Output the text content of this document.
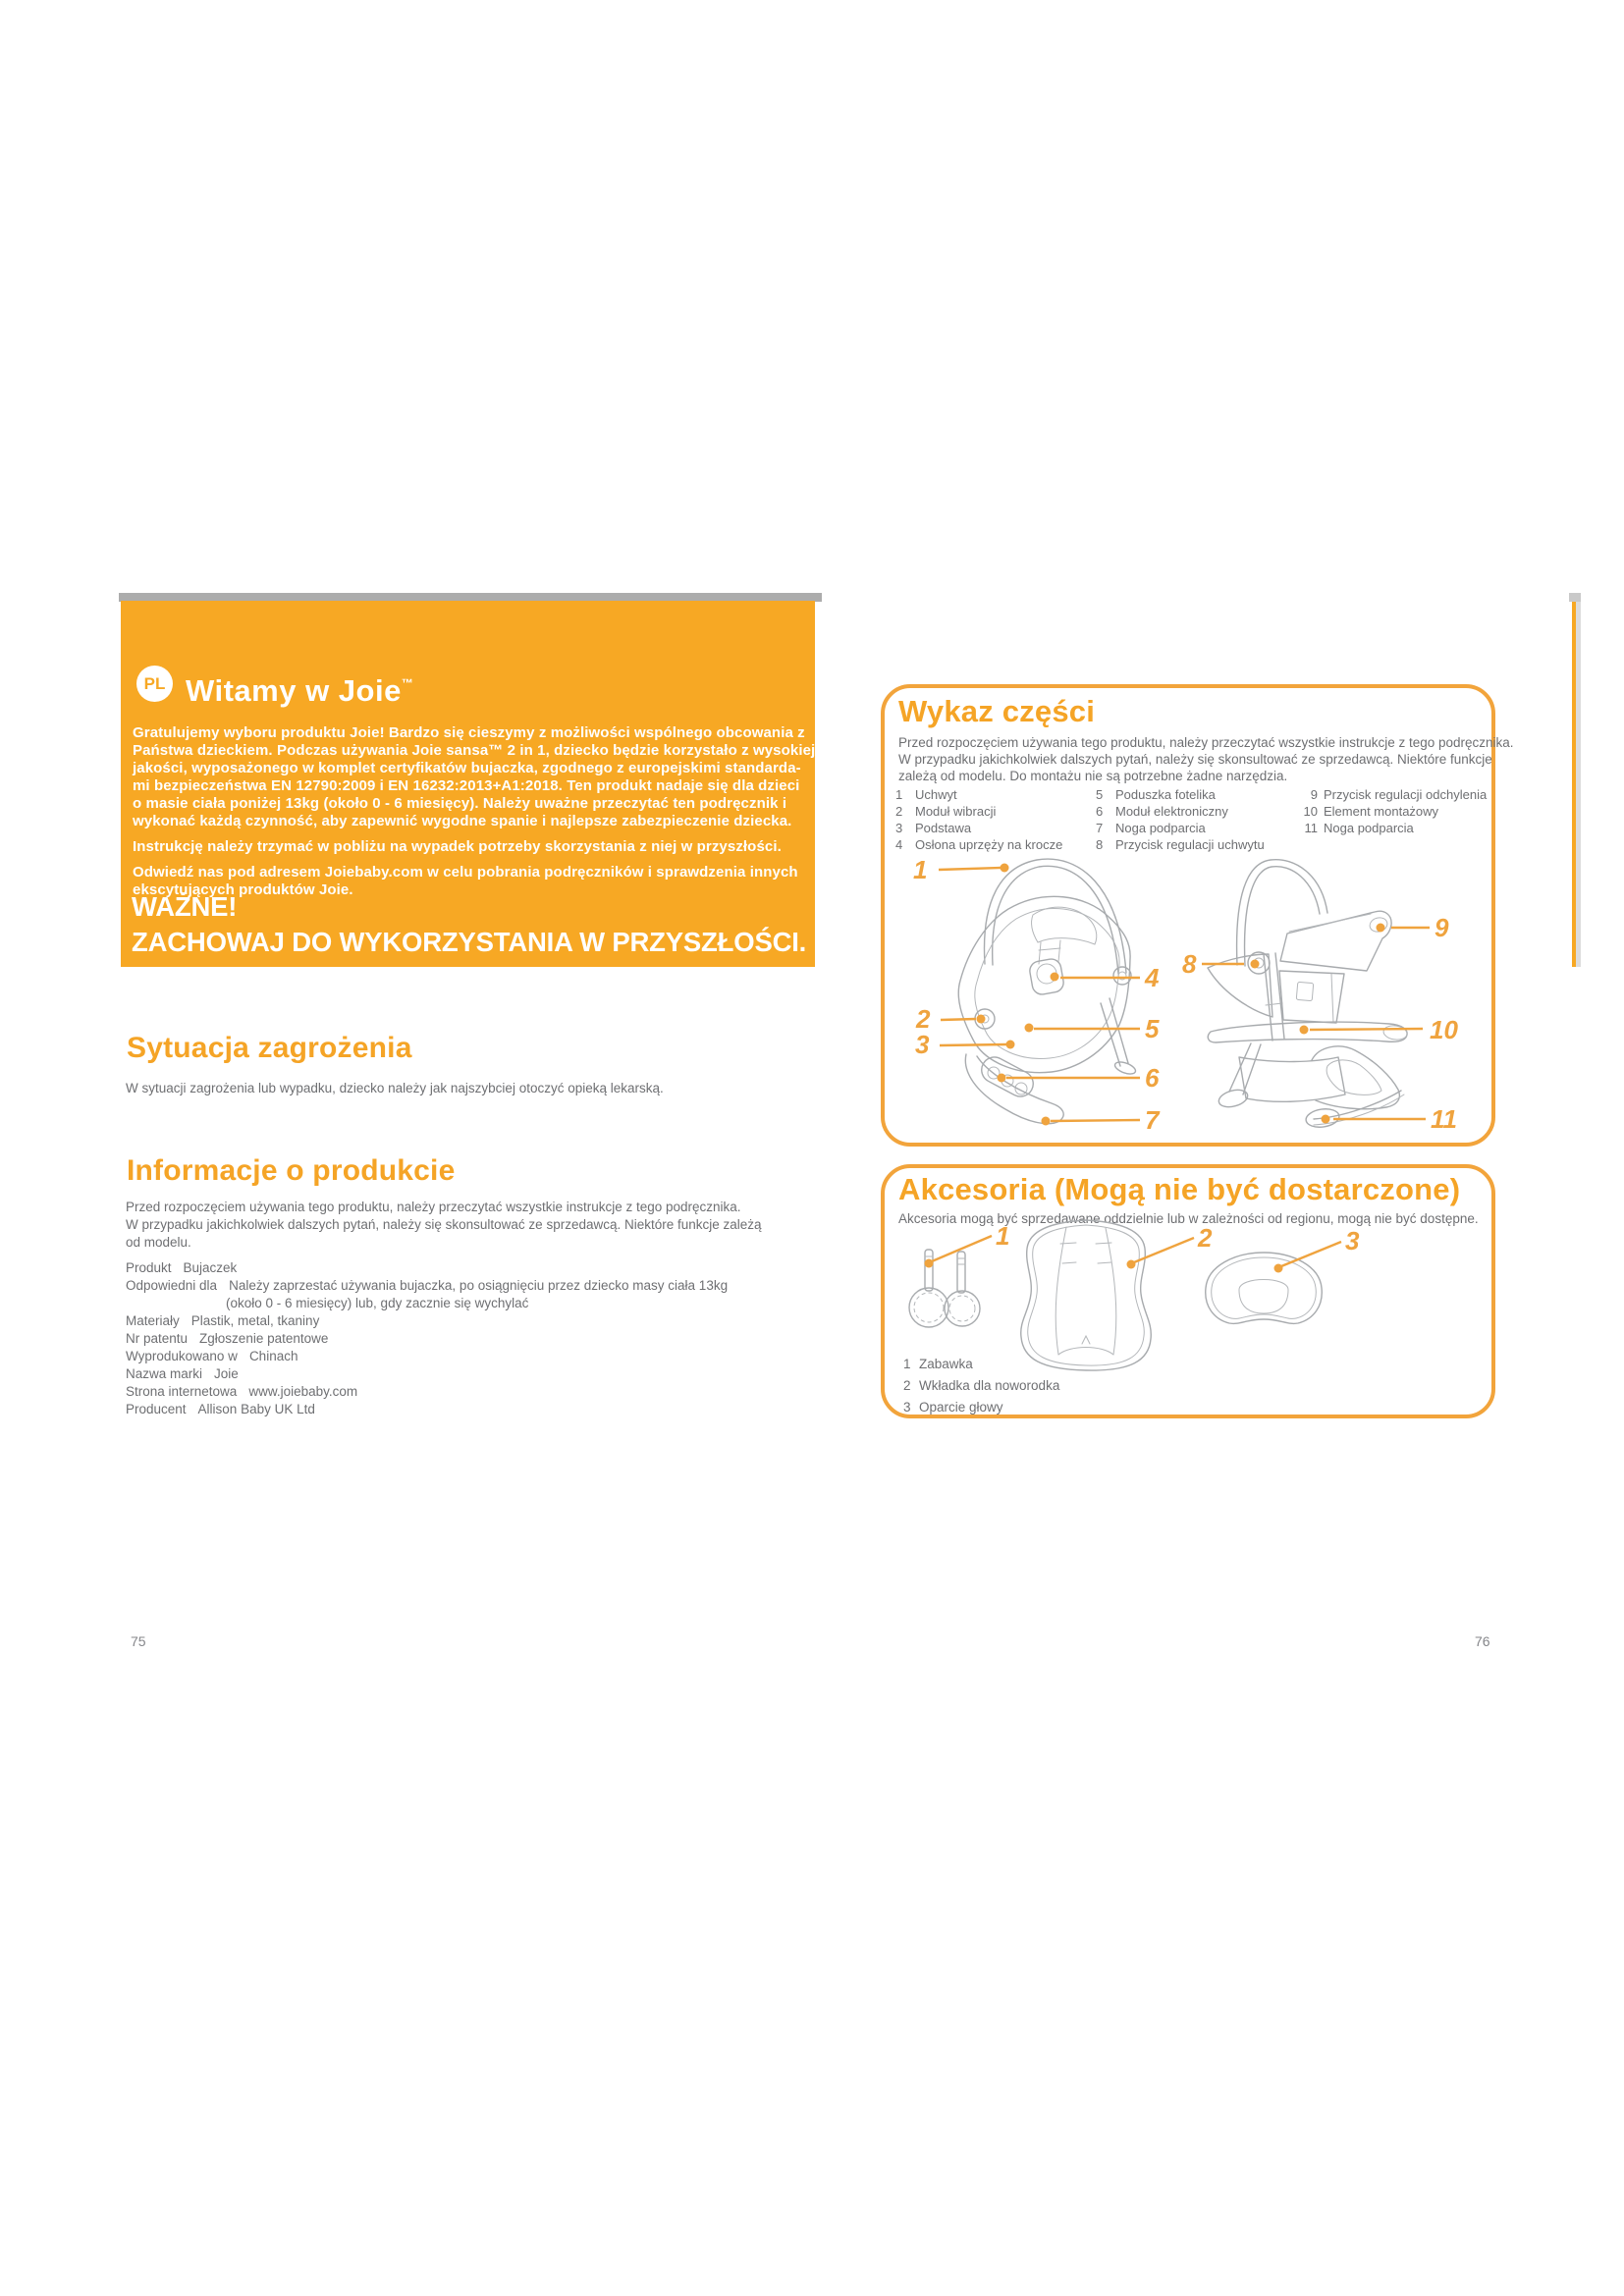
PL Witamy w Joie™
Gratulujemy wyboru produktu Joie! Bardzo się cieszymy z możliwości wspólnego obcowania z
Państwa dzieckiem. Podczas używania Joie sansa™ 2 in 1, dziecko będzie korzystało z wysokiej
jakości, wyposażonego w komplet certyfikatów bujaczka, zgodnego z europejskimi standarda-
mi bezpieczeństwa EN 12790:2009 i EN 16232:2013+A1:2018. Ten produkt nadaje się dla dzieci
o masie ciała poniżej 13kg (około 0 - 6 miesięcy). Należy uważne przeczytać ten podręcznik i
wykonać każdą czynność, aby zapewnić wygodne spanie i najlepsze zabezpieczenie dziecka.
Instrukcję należy trzymać w pobliżu na wypadek potrzeby skorzystania z niej w przyszłości.
Odwiedź nas pod adresem Joiebaby.com w celu pobrania podręczników i sprawdzenia innych
ekscytujących produktów Joie.
WAŻNE!
ZACHOWAJ DO WYKORZYSTANIA W PRZYSZŁOŚCI.
Sytuacja zagrożenia
W sytuacji zagrożenia lub wypadku, dziecko należy jak najszybciej otoczyć opieką lekarską.
Informacje o produkcie
Przed rozpoczęciem używania tego produktu, należy przeczytać wszystkie instrukcje z tego podręcznika.
W przypadku jakichkolwiek dalszych pytań, należy się skonsultować ze sprzedawcą. Niektóre funkcje zależą
od modelu.
Produkt Bujaczek
Odpowiedni dla Należy zaprzestać używania bujaczka, po osiągnięciu przez dziecko masy ciała 13kg
(około 0 - 6 miesięcy) lub, gdy zacznie się wychylać
Materiały Plastik, metal, tkaniny
Nr patentu Zgłoszenie patentowe
Wyprodukowano w Chinach
Nazwa marki Joie
Strona internetowa www.joiebaby.com
Producent Allison Baby UK Ltd
75
Wykaz części
Przed rozpoczęciem używania tego produktu, należy przeczytać wszystkie instrukcje z tego podręcznika.
W przypadku jakichkolwiek dalszych pytań, należy się skonsultować ze sprzedawcą. Niektóre funkcje
zależą od modelu. Do montażu nie są potrzebne żadne narzędzia.
1 Uchwyt
2 Moduł wibracji
3 Podstawa
4 Osłona uprzęży na krocze
5 Poduszka fotelika
6 Moduł elektroniczny
7 Noga podparcia
8 Przycisk regulacji uchwytu
9 Przycisk regulacji odchylenia
10 Element montażowy
11 Noga podparcia
1
2
3
4
5
6
7
8
9
10
11
Akcesoria (Mogą nie być dostarczone)
Akcesoria mogą być sprzedawane oddzielnie lub w zależności od regionu, mogą nie być dostępne.
1 Zabawka
2 Wkładka dla noworodka
3 Oparcie głowy
1	2	3
76
